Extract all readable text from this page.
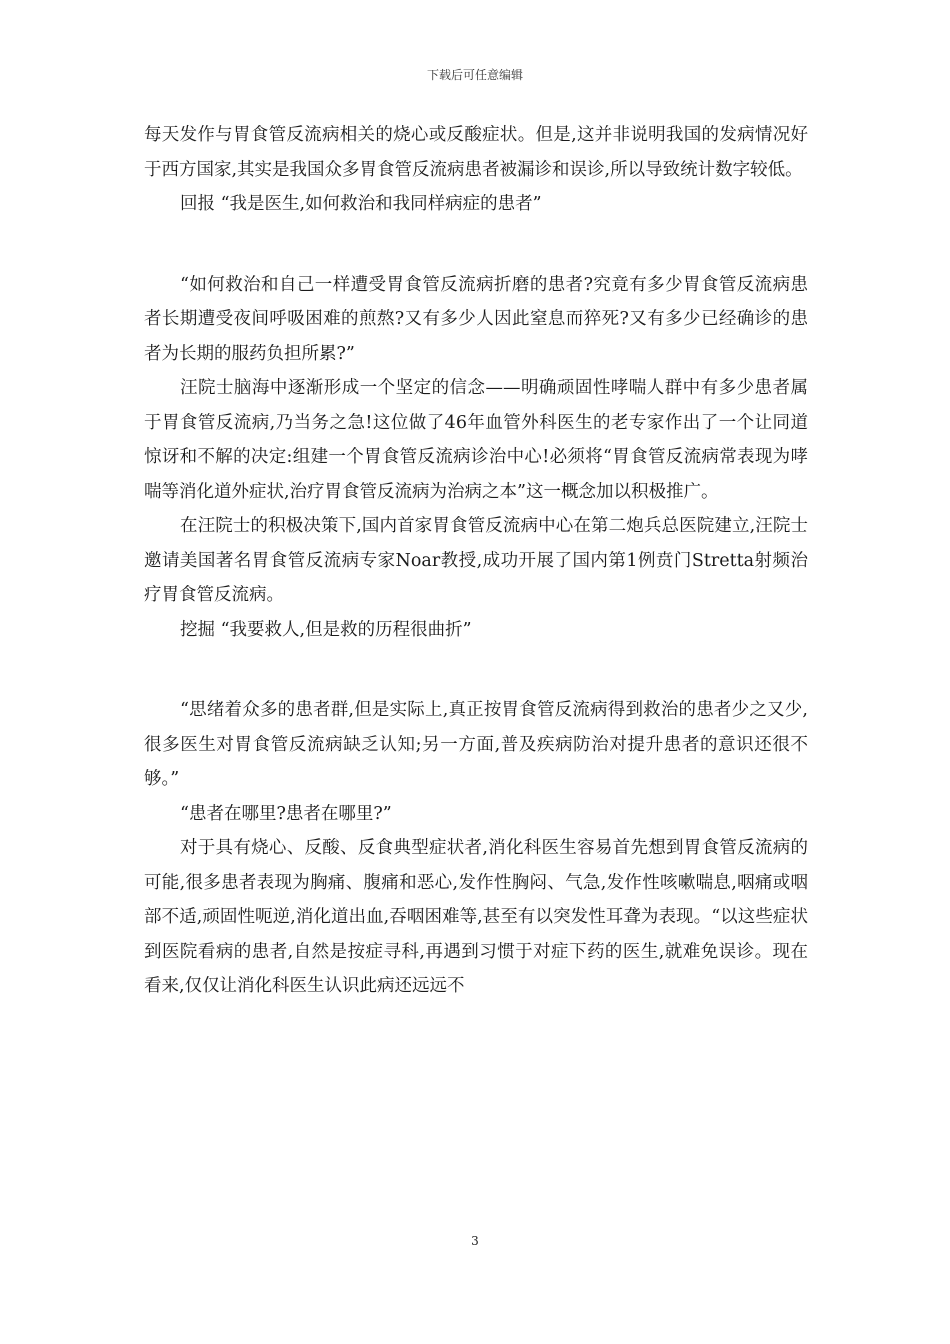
下载后可任意编辑

每天发作与胃食管反流病相关的烧心或反酸症状。但是,这并非说明我国的发病情况好于西方国家,其实是我国众多胃食管反流病患者被漏诊和误诊,所以导致统计数字较低。

回报 “我是医生,如何救治和我同样病症的患者”

“如何救治和自己一样遭受胃食管反流病折磨的患者?究竟有多少胃食管反流病患者长期遭受夜间呼吸困难的煎熬?又有多少人因此窒息而猝死?又有多少已经确诊的患者为长期的服药负担所累?”

汪院士脑海中逐渐形成一个坚定的信念——明确顽固性哮喘人群中有多少患者属于胃食管反流病,乃当务之急!这位做了46年血管外科医生的老专家作出了一个让同道惊讶和不解的决定:组建一个胃食管反流病诊治中心!必须将“胃食管反流病常表现为哮喘等消化道外症状,治疗胃食管反流病为治病之本”这一概念加以积极推广。

在汪院士的积极决策下,国内首家胃食管反流病中心在第二炮兵总医院建立,汪院士邀请美国著名胃食管反流病专家Noar教授,成功开展了国内第1例贲门Stretta射频治疗胃食管反流病。

挖掘 “我要救人,但是救的历程很曲折”

“思绪着众多的患者群,但是实际上,真正按胃食管反流病得到救治的患者少之又少,很多医生对胃食管反流病缺乏认知;另一方面,普及疾病防治对提升患者的意识还很不够。”

“患者在哪里?患者在哪里?”

对于具有烧心、反酸、反食典型症状者,消化科医生容易首先想到胃食管反流病的可能,很多患者表现为胸痛、腹痛和恶心,发作性胸闷、气急,发作性咳嗽喘息,咽痛或咽部不适,顽固性呃逆,消化道出血,吞咽困难等,甚至有以突发性耳聋为表现。“以这些症状到医院看病的患者,自然是按症寻科,再遇到习惯于对症下药的医生,就难免误诊。现在看来,仅仅让消化科医生认识此病还远远不

3
